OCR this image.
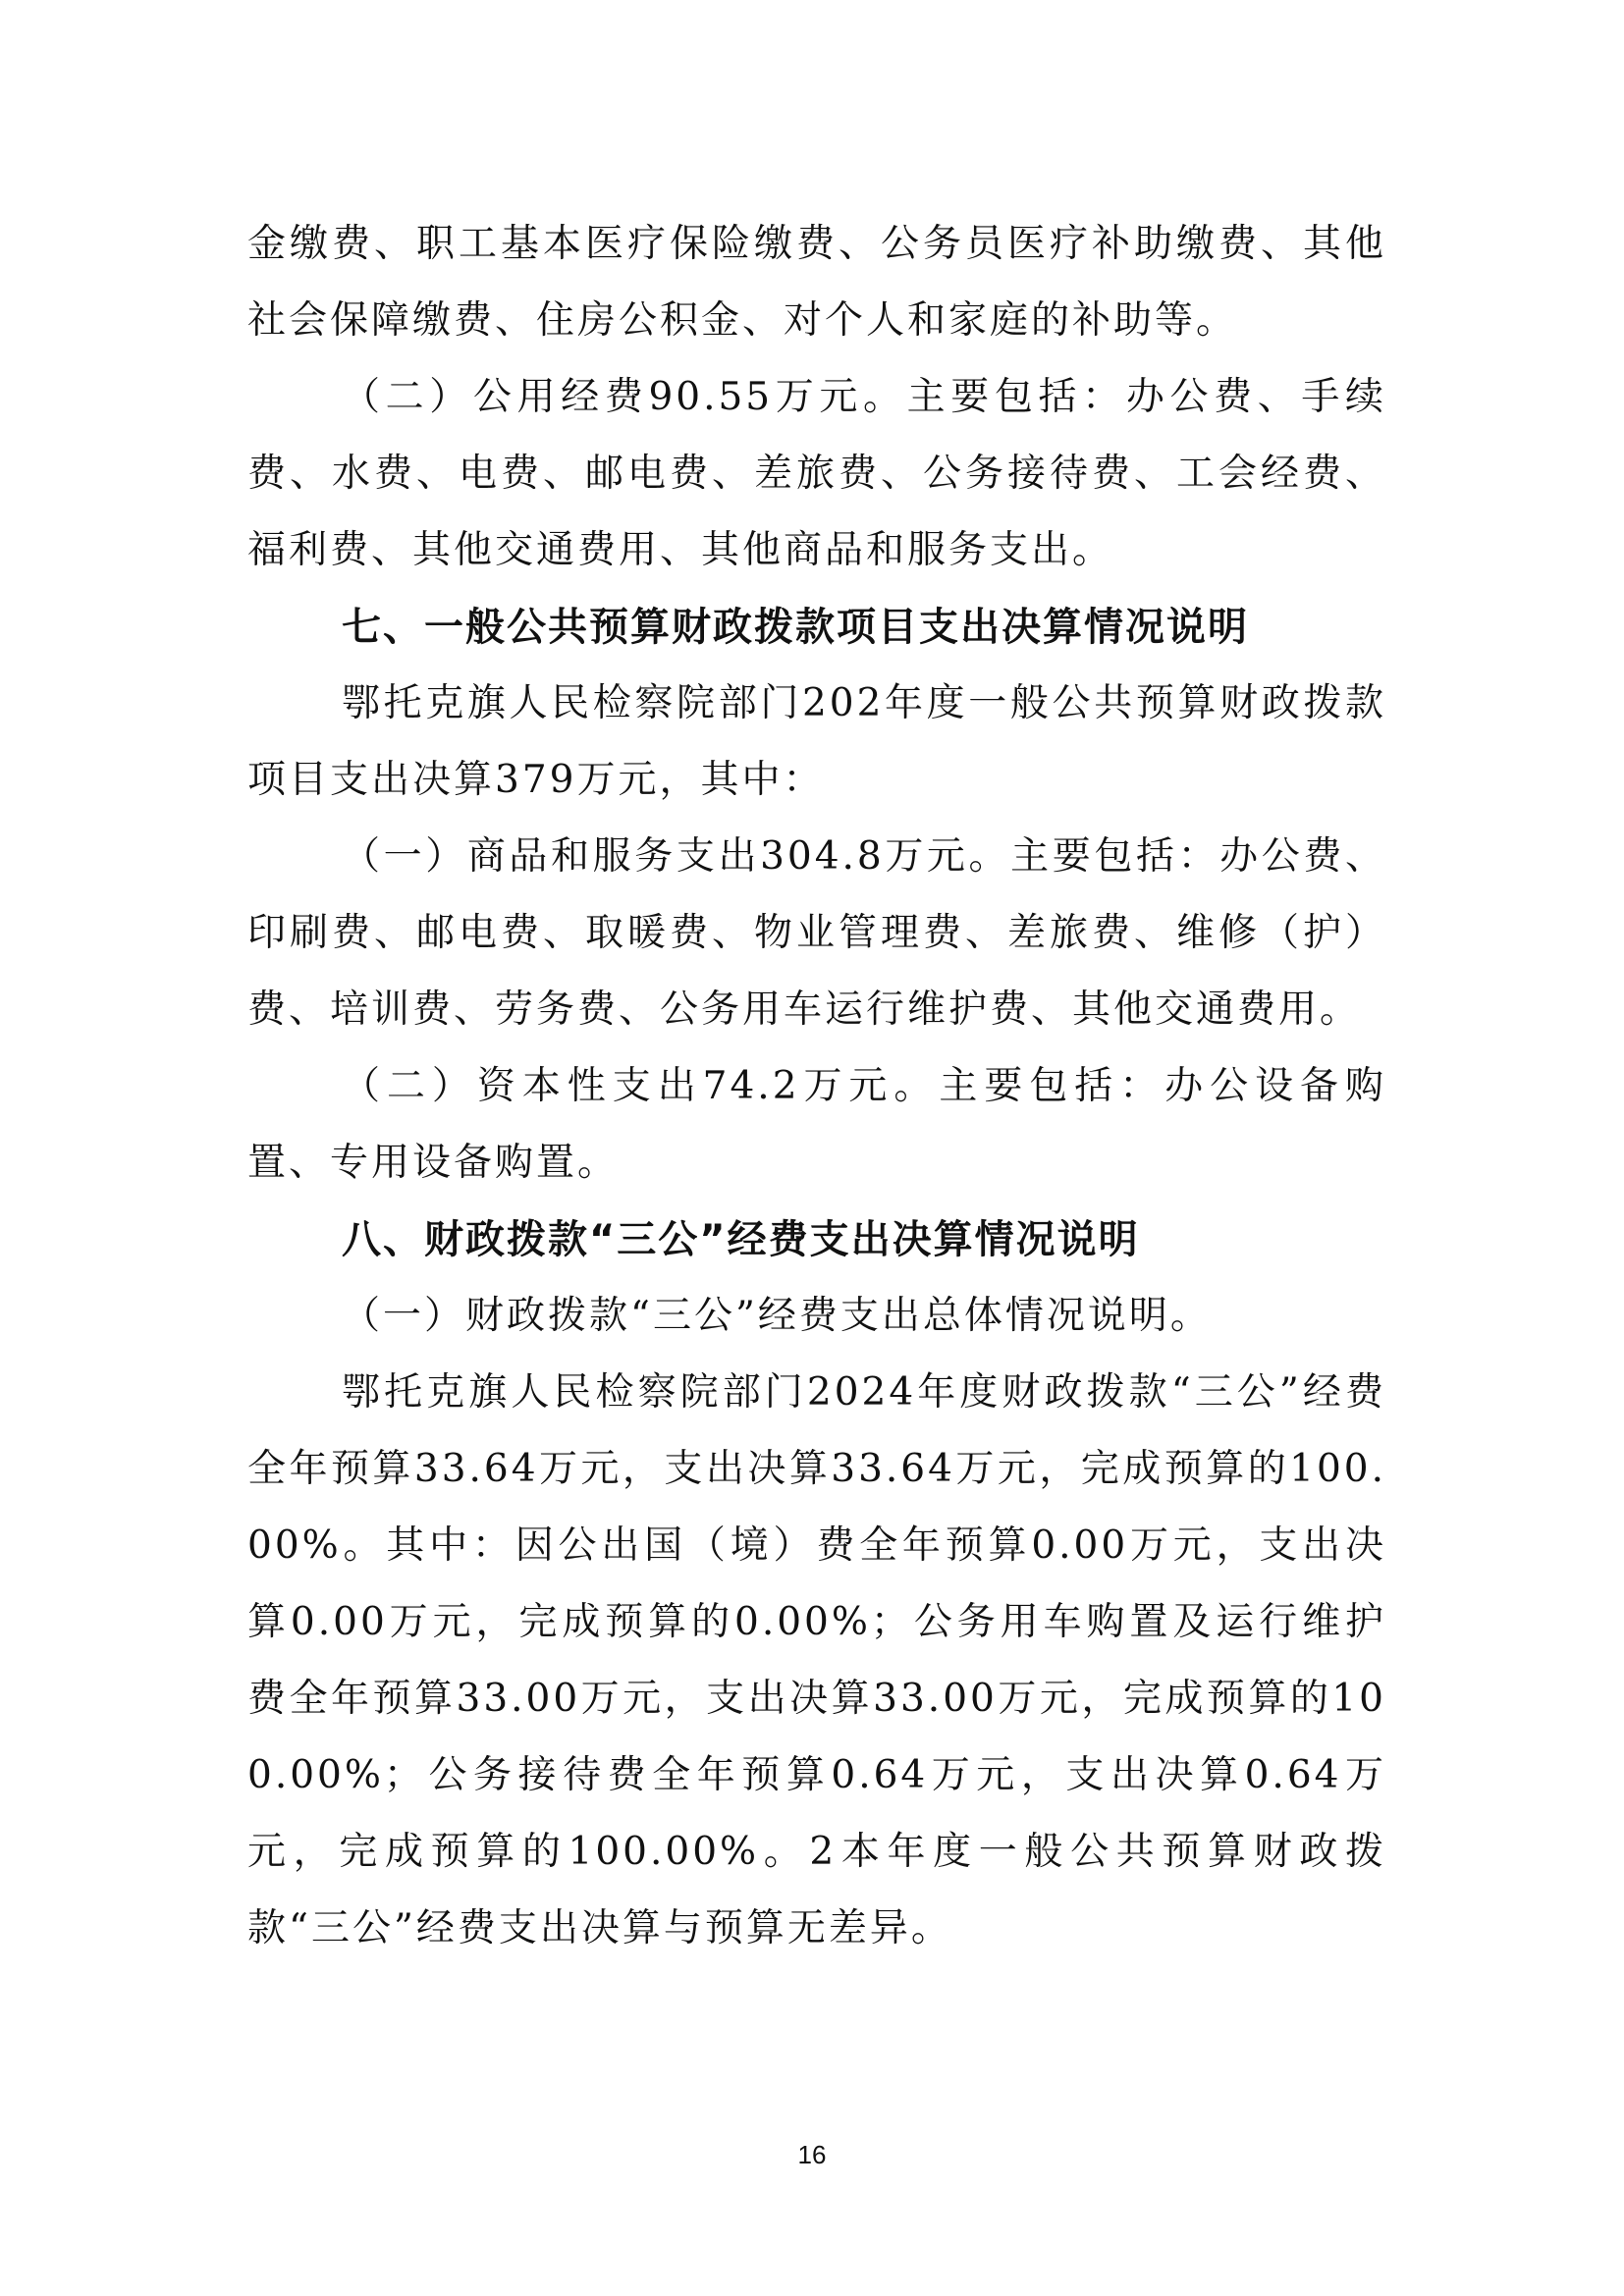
金缴费、职工基本医疗保险缴费、公务员医疗补助缴费、其他社会保障缴费、住房公积金、对个人和家庭的补助等。

（二）公用经费90.55万元。主要包括：办公费、手续费、水费、电费、邮电费、差旅费、公务接待费、工会经费、福利费、其他交通费用、其他商品和服务支出。

七、一般公共预算财政拨款项目支出决算情况说明

鄂托克旗人民检察院部门202年度一般公共预算财政拨款项目支出决算379万元，其中：

（一）商品和服务支出304.8万元。主要包括：办公费、印刷费、邮电费、取暖费、物业管理费、差旅费、维修（护）费、培训费、劳务费、公务用车运行维护费、其他交通费用。

（二）资本性支出74.2万元。主要包括：办公设备购置、专用设备购置。

八、财政拨款“三公”经费支出决算情况说明

（一）财政拨款“三公”经费支出总体情况说明。

鄂托克旗人民检察院部门2024年度财政拨款“三公”经费全年预算33.64万元，支出决算33.64万元，完成预算的100.00%。其中：因公出国（境）费全年预算0.00万元，支出决算0.00万元，完成预算的0.00%；公务用车购置及运行维护费全年预算33.00万元，支出决算33.00万元，完成预算的100.00%；公务接待费全年预算0.64万元，支出决算0.64万元，完成预算的100.00%。2本年度一般公共预算财政拨款“三公”经费支出决算与预算无差异。

16
